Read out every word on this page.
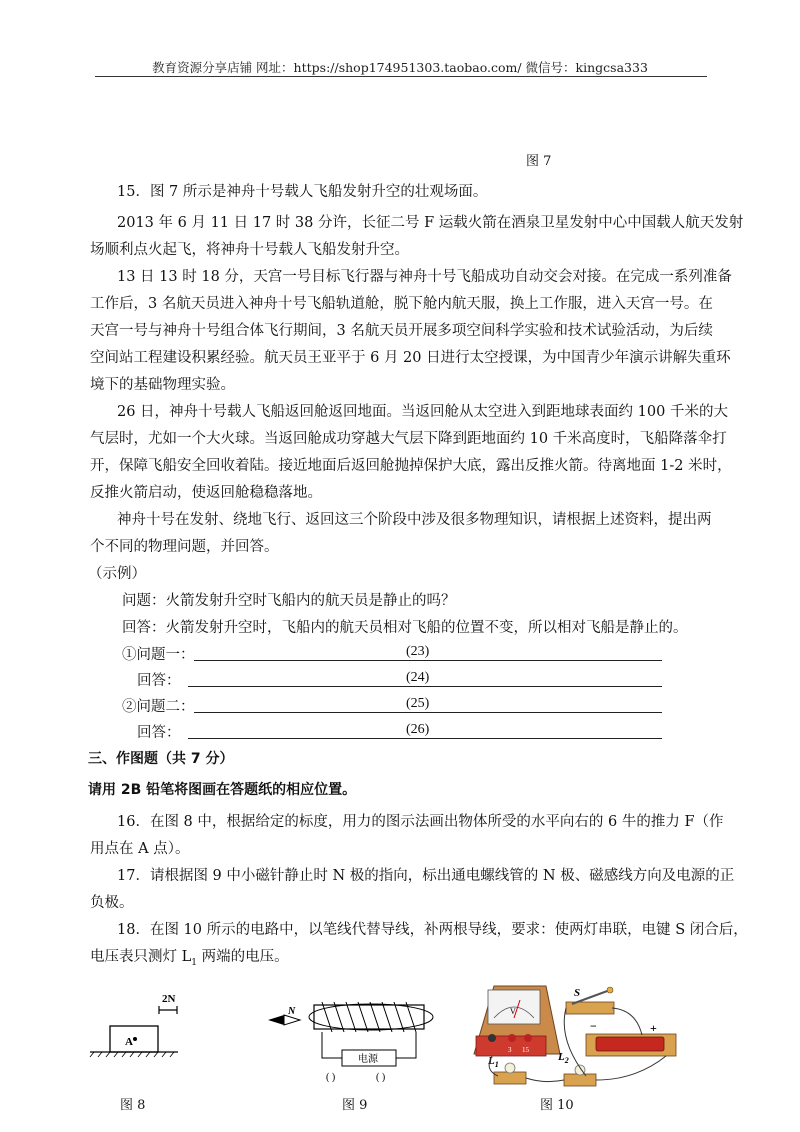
教育资源分享店铺 网址：https://shop174951303.taobao.com/ 微信号：kingcsa333
图 7
15．图 7 所示是神舟十号载人飞船发射升空的壮观场面。
2013 年 6 月 11 日 17 时 38 分许，长征二号 F 运载火箭在酒泉卫星发射中心中国载人航天发射
场顺利点火起飞，将神舟十号载人飞船发射升空。
13 日 13 时 18 分，天宫一号目标飞行器与神舟十号飞船成功自动交会对接。在完成一系列准备
工作后，3 名航天员进入神舟十号飞船轨道舱，脱下舱内航天服，换上工作服，进入天宫一号。在
天宫一号与神舟十号组合体飞行期间，3 名航天员开展多项空间科学实验和技术试验活动，为后续
空间站工程建设积累经验。航天员王亚平于 6 月 20 日进行太空授课，为中国青少年演示讲解失重环
境下的基础物理实验。
26 日，神舟十号载人飞船返回舱返回地面。当返回舱从太空进入到距地球表面约 100 千米的大
气层时，尤如一个大火球。当返回舱成功穿越大气层下降到距地面约 10 千米高度时，飞船降落伞打
开，保障飞船安全回收着陆。接近地面后返回舱抛掉保护大底，露出反推火箭。待离地面 1-2 米时，
反推火箭启动，使返回舱稳稳落地。
神舟十号在发射、绕地飞行、返回这三个阶段中涉及很多物理知识，请根据上述资料，提出两
个不同的物理问题，并回答。
（示例）
问题：火箭发射升空时飞船内的航天员是静止的吗？
回答：火箭发射升空时，飞船内的航天员相对飞船的位置不变，所以相对飞船是静止的。
①问题一：	(23)
回答：	(24)
②问题二：	(25)
回答：	(26)
三、作图题（共 7 分）
请用 2B 铅笔将图画在答题纸的相应位置。
16．在图 8 中，根据给定的标度，用力的图示法画出物体所受的水平向右的 6 牛的推力 F（作
用点在 A 点）。
17．请根据图 9 中小磁针静止时 N 极的指向，标出通电螺线管的 N 极、磁感线方向及电源的正
负极。
18．在图 10 所示的电路中，以笔线代替导线，补两根导线，要求：使两灯串联，电键 S 闭合后，
电压表只测灯 $L_1$ 两端的电压。
2N
A
图 8
N
电源
( )	( )
图 9
V
3 15
S
−	+
$L_1$
$L_2$
图 10
